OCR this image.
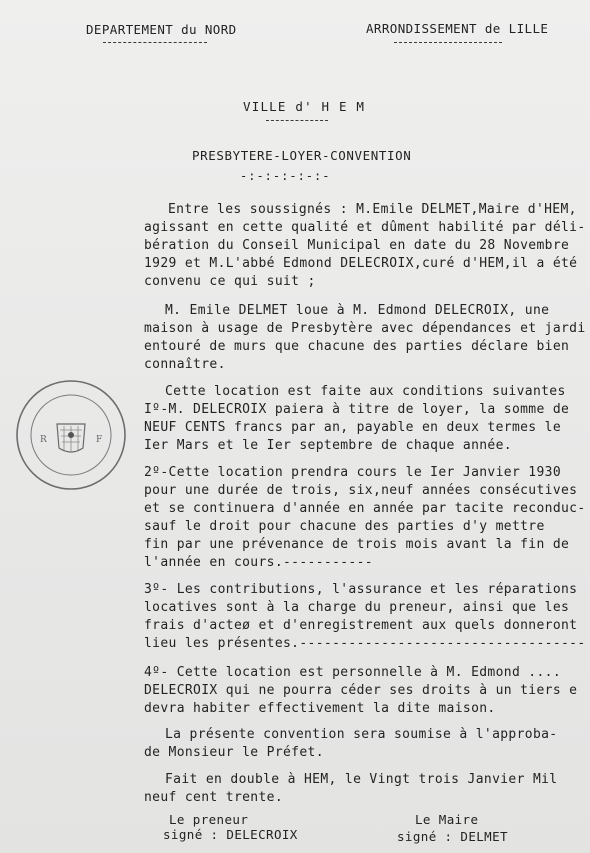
DEPARTEMENT du NORD	ARRONDISSEMENT de LILLE
VILLE d' H E M
PRESBYTERE-LOYER-CONVENTION
-:-:-:-:-:-
R	F
Entre les soussignés : M.Emile DELMET,Maire d'HEM,
agissant en cette qualité et dûment habilité par déli-
bération du Conseil Municipal en date du 28 Novembre
1929 et M.L'abbé Edmond DELECROIX,curé d'HEM,il a été
convenu ce qui suit ;
M. Emile DELMET loue à M. Edmond DELECROIX, une
maison à usage de Presbytère avec dépendances et jardi
entouré de murs que chacune des parties déclare bien
connaître.
Cette location est faite aux conditions suivantes
Iº-M. DELECROIX paiera à titre de loyer, la somme de
NEUF CENTS francs par an, payable en deux termes le
Ier Mars et le Ier septembre de chaque année.
2º-Cette location prendra cours le Ier Janvier 1930
pour une durée de trois, six,neuf années consécutives
et se continuera d'année en année par tacite reconduc-
sauf le droit pour chacune des parties d'y mettre
fin par une prévenance de trois mois avant la fin de
l'année en cours.-----------
3º- Les contributions, l'assurance et les réparations
locatives sont à la charge du preneur, ainsi que les
frais d'acteø et d'enregistrement aux quels donneront
lieu les présentes.-----------------------------------
4º- Cette location est personnelle à M. Edmond ....
DELECROIX qui ne pourra céder ses droits à un tiers e
devra habiter effectivement la dite maison.
La présente convention sera soumise à l'approba-
de Monsieur le Préfet.
Fait en double à HEM, le Vingt trois Janvier Mil
neuf cent trente.
Le preneur
signé : DELECROIX
Le Maire
signé : DELMET
